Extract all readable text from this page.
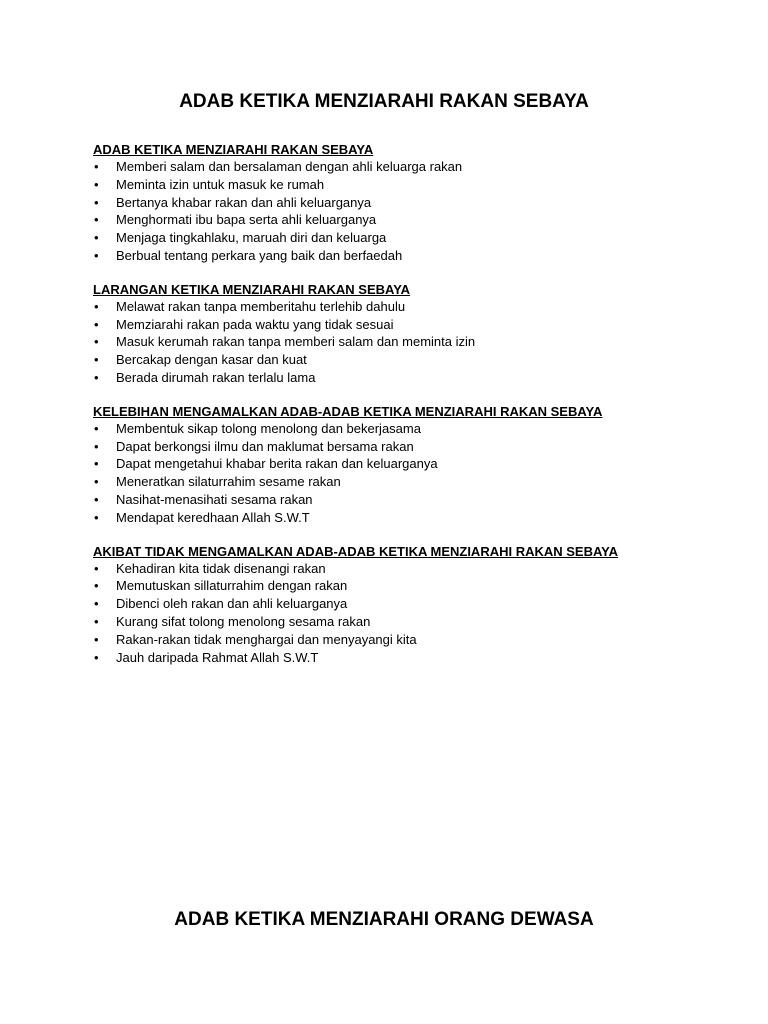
ADAB KETIKA MENZIARAHI RAKAN SEBAYA

ADAB KETIKA MENZIARAHI RAKAN SEBAYA

• Memberi salam dan bersalaman dengan ahli keluarga rakan
• Meminta izin untuk masuk ke rumah
• Bertanya khabar rakan dan ahli keluarganya
• Menghormati ibu bapa serta ahli keluarganya
• Menjaga tingkahlaku, maruah diri dan keluarga
• Berbual tentang perkara yang baik dan berfaedah

LARANGAN KETIKA MENZIARAHI RAKAN SEBAYA

• Melawat rakan tanpa memberitahu terlehib dahulu
• Memziarahi rakan pada waktu yang tidak sesuai
• Masuk kerumah rakan tanpa memberi salam dan meminta izin
• Bercakap dengan kasar dan kuat
• Berada dirumah rakan terlalu lama

KELEBIHAN MENGAMALKAN ADAB-ADAB KETIKA MENZIARAHI RAKAN SEBAYA

• Membentuk sikap tolong menolong dan bekerjasama
• Dapat berkongsi ilmu dan maklumat bersama rakan
• Dapat mengetahui khabar berita rakan dan keluarganya
• Meneratkan silaturrahim sesame rakan
• Nasihat-menasihati sesama rakan
• Mendapat keredhaan Allah S.W.T

AKIBAT TIDAK MENGAMALKAN ADAB-ADAB KETIKA MENZIARAHI RAKAN SEBAYA

• Kehadiran kita tidak disenangi rakan
• Memutuskan sillaturrahim dengan rakan
• Dibenci oleh rakan dan ahli keluarganya
• Kurang sifat tolong menolong sesama rakan
• Rakan-rakan tidak menghargai dan menyayangi kita
• Jauh daripada Rahmat Allah S.W.T
ADAB KETIKA MENZIARAHI ORANG DEWASA
